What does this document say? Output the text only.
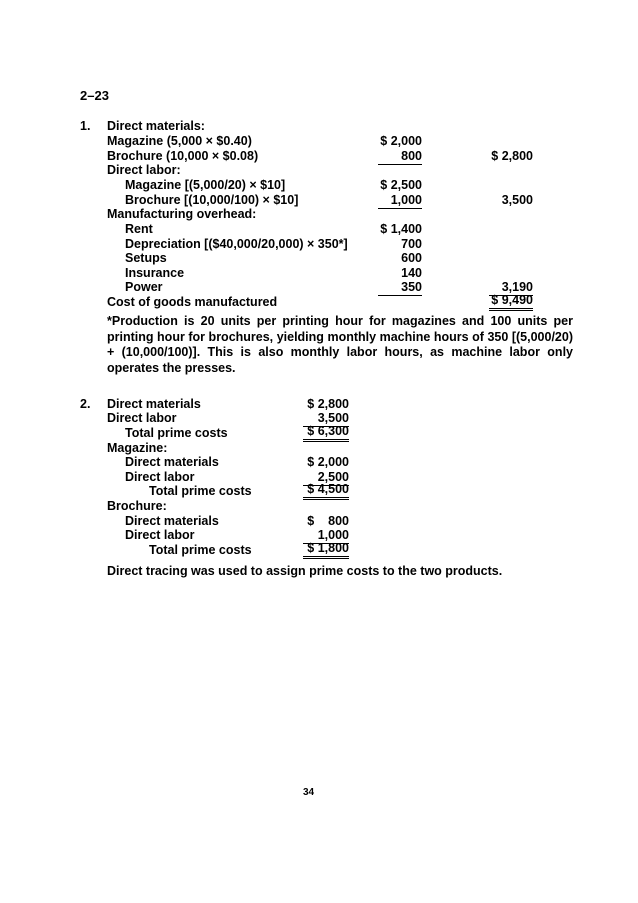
2–23
1. Direct materials:
Magazine (5,000 × $0.40)	$ 2,000
Brochure (10,000 × $0.08)	800	$ 2,800
Direct labor:
Magazine [(5,000/20) × $10]	$ 2,500
Brochure [(10,000/100) × $10]	1,000	3,500
Manufacturing overhead:
Rent	$ 1,400
Depreciation [($40,000/20,000) × 350*]	700
Setups	600
Insurance	140
Power	350	3,190
Cost of goods manufactured	$ 9,490
*Production is 20 units per printing hour for magazines and 100 units per printing hour for brochures, yielding monthly machine hours of 350 [(5,000/20) + (10,000/100)]. This is also monthly labor hours, as machine labor only operates the presses.
2. Direct materials	$ 2,800
Direct labor	3,500
Total prime costs	$ 6,300
Magazine:
Direct materials	$ 2,000
Direct labor	2,500
Total prime costs	$ 4,500
Brochure:
Direct materials	$    800
Direct labor	1,000
Total prime costs	$ 1,800
Direct tracing was used to assign prime costs to the two products.
34
